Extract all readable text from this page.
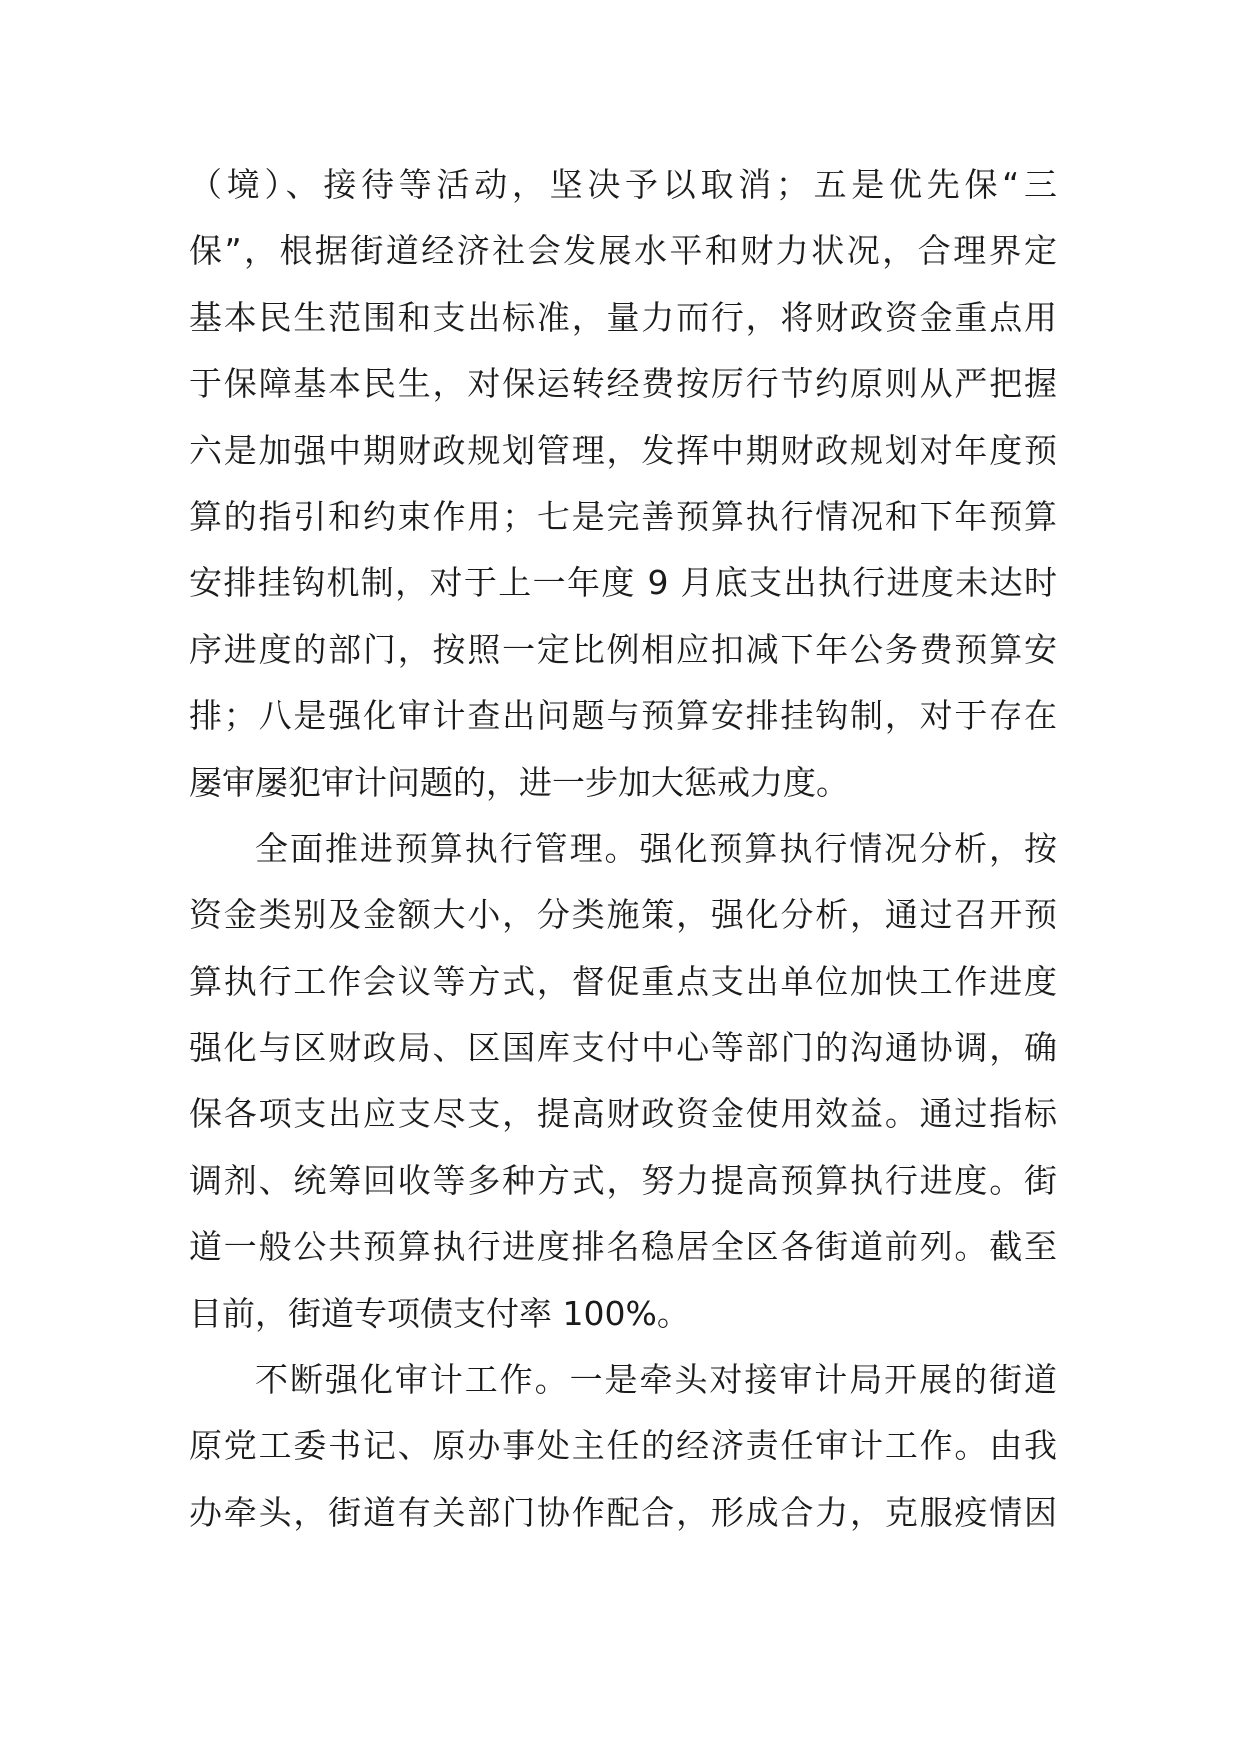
（境）、接待等活动，坚决予以取消；五是优先保“三
保”，根据街道经济社会发展水平和财力状况，合理界定
基本民生范围和支出标准，量力而行，将财政资金重点用
于保障基本民生，对保运转经费按厉行节约原则从严把握
六是加强中期财政规划管理，发挥中期财政规划对年度预
算的指引和约束作用；七是完善预算执行情况和下年预算
安排挂钩机制，对于上一年度 9 月底支出执行进度未达时
序进度的部门，按照一定比例相应扣减下年公务费预算安
排；八是强化审计查出问题与预算安排挂钩制，对于存在
屡审屡犯审计问题的，进一步加大惩戒力度。
全面推进预算执行管理。强化预算执行情况分析，按
资金类别及金额大小，分类施策，强化分析，通过召开预
算执行工作会议等方式，督促重点支出单位加快工作进度
强化与区财政局、区国库支付中心等部门的沟通协调，确
保各项支出应支尽支，提高财政资金使用效益。通过指标
调剂、统筹回收等多种方式，努力提高预算执行进度。街
道一般公共预算执行进度排名稳居全区各街道前列。截至
目前，街道专项债支付率 100%。
不断强化审计工作。一是牵头对接审计局开展的街道
原党工委书记、原办事处主任的经济责任审计工作。由我
办牵头，街道有关部门协作配合，形成合力，克服疫情因
